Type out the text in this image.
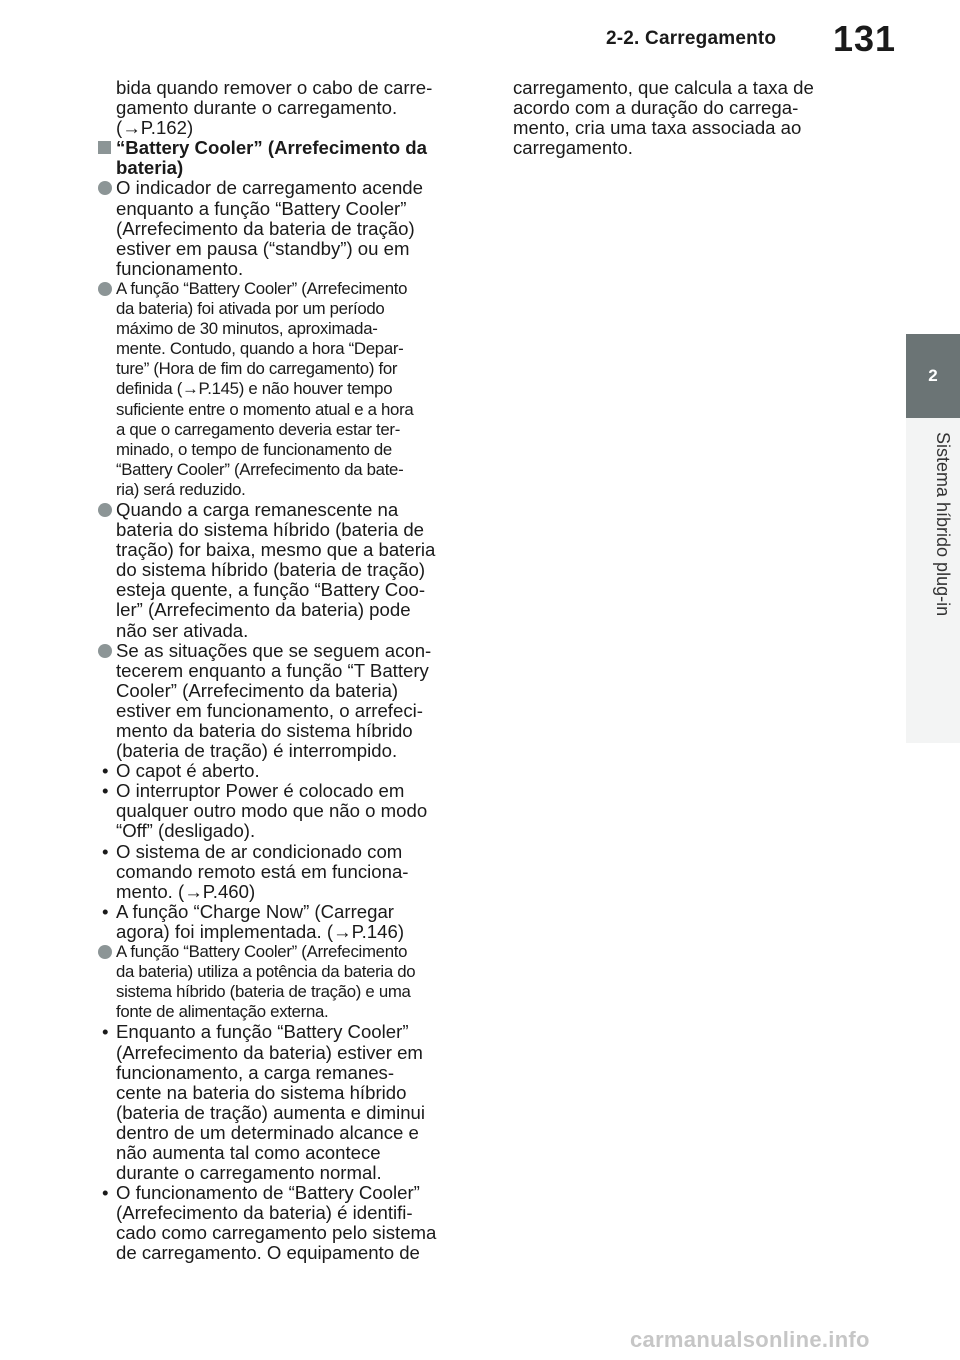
2-2. Carregamento 131
2
Sistema híbrido plug-in
bida quando remover o cabo de carre-
gamento durante o carregamento.
(→P.162)
“Battery Cooler” (Arrefecimento da
bateria)
O indicador de carregamento acende
enquanto a função “Battery Cooler”
(Arrefecimento da bateria de tração)
estiver em pausa (“standby”) ou em
funcionamento.
A função “Battery Cooler” (Arrefecimento
da bateria) foi ativada por um período
máximo de 30 minutos, aproximada-
mente. Contudo, quando a hora “Depar-
ture” (Hora de fim do carregamento) for
definida (→P.145) e não houver tempo
suficiente entre o momento atual e a hora
a que o carregamento deveria estar ter-
minado, o tempo de funcionamento de
“Battery Cooler” (Arrefecimento da bate-
ria) será reduzido.
Quando a carga remanescente na
bateria do sistema híbrido (bateria de
tração) for baixa, mesmo que a bateria
do sistema híbrido (bateria de tração)
esteja quente, a função “Battery Coo-
ler” (Arrefecimento da bateria) pode
não ser ativada.
Se as situações que se seguem acon-
tecerem enquanto a função “T Battery
Cooler” (Arrefecimento da bateria)
estiver em funcionamento, o arrefeci-
mento da bateria do sistema híbrido
(bateria de tração) é interrompido.
• O capot é aberto.
• O interruptor Power é colocado em
qualquer outro modo que não o modo
“Off” (desligado).
• O sistema de ar condicionado com
comando remoto está em funciona-
mento. (→P.460)
• A função “Charge Now” (Carregar
agora) foi implementada. (→P.146)
A função “Battery Cooler” (Arrefecimento
da bateria) utiliza a potência da bateria do
sistema híbrido (bateria de tração) e uma
fonte de alimentação externa.
• Enquanto a função “Battery Cooler”
(Arrefecimento da bateria) estiver em
funcionamento, a carga remanes-
cente na bateria do sistema híbrido
(bateria de tração) aumenta e diminui
dentro de um determinado alcance e
não aumenta tal como acontece
durante o carregamento normal.
• O funcionamento de “Battery Cooler”
(Arrefecimento da bateria) é identifi-
cado como carregamento pelo sistema
de carregamento. O equipamento de
carregamento, que calcula a taxa de
acordo com a duração do carrega-
mento, cria uma taxa associada ao
carregamento.
carmanualsonline.info
